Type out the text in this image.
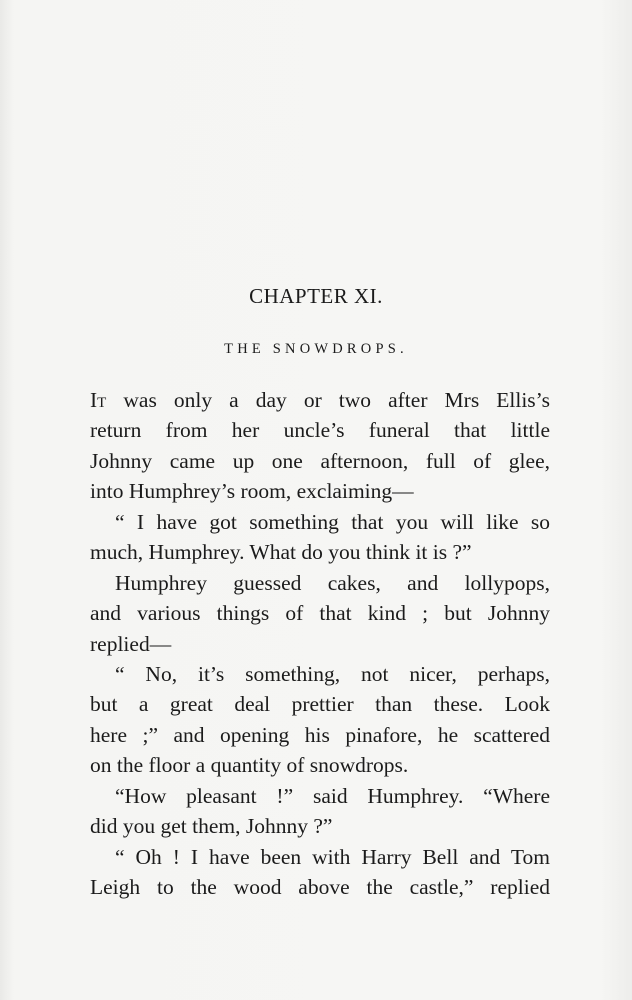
CHAPTER XI.
THE SNOWDROPS.
It was only a day or two after Mrs Ellis’s
return from her uncle’s funeral that little
Johnny came up one afternoon, full of glee,
into Humphrey’s room, exclaiming—
“ I have got something that you will like so
much, Humphrey. What do you think it is ?”
Humphrey guessed cakes, and lollypops,
and various things of that kind ; but Johnny
replied—
“ No, it’s something, not nicer, perhaps,
but a great deal prettier than these. Look
here ;” and opening his pinafore, he scattered
on the floor a quantity of snowdrops.
“How pleasant !” said Humphrey. “Where
did you get them, Johnny ?”
“ Oh ! I have been with Harry Bell and Tom
Leigh to the wood above the castle,” replied
